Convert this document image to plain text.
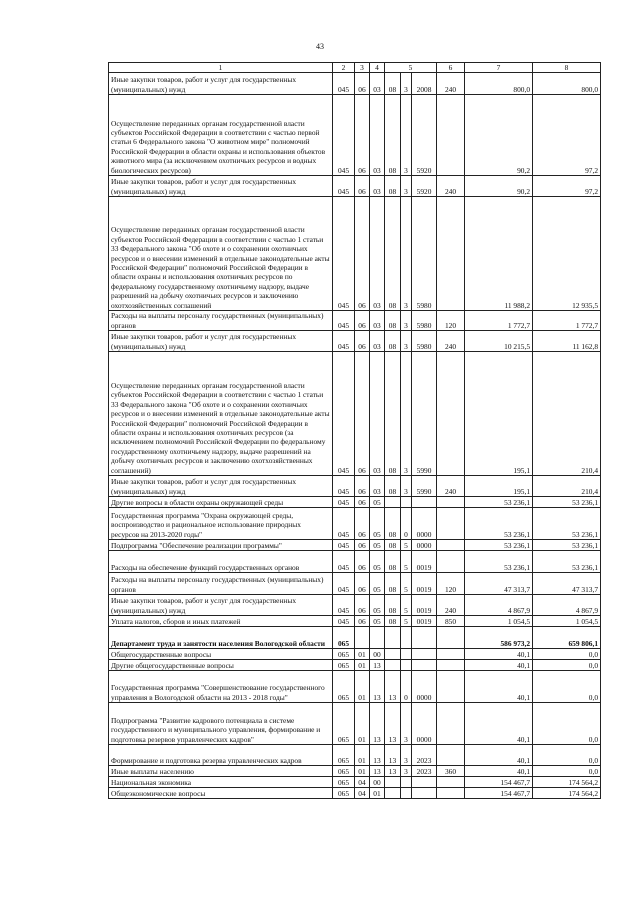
43
1	2	3	4	5			6	7	8
Иные закупки товаров, работ и услуг для государственных (муниципальных) нужд	045	06	03	08	3	2008	240	800,0	800,0
Осуществление переданных органам государственной власти субъектов Российской Федерации в соответствии с частью первой статьи 6 Федерального закона "О животном мире" полномочий Российской Федерации в области охраны и использования объектов животного мира (за исключением охотничьих ресурсов и водных биологических ресурсов)	045	06	03	08	3	5920		90,2	97,2
Иные закупки товаров, работ и услуг для государственных (муниципальных) нужд	045	06	03	08	3	5920	240	90,2	97,2
Осуществление переданных органам государственной власти субъектов Российской Федерации в соответствии с частью 1 статьи 33 Федерального закона "Об охоте и о сохранении охотничьих ресурсов и о внесении изменений в отдельные законодательные акты Российской Федерации" полномочий Российской Федерации в области охраны и использования охотничьих ресурсов по федеральному государственному охотничьему надзору, выдаче разрешений на добычу охотничьих ресурсов и заключению охотхозяйственных соглашений	045	06	03	08	3	5980		11 988,2	12 935,5
Расходы на выплаты персоналу государственных (муниципальных) органов	045	06	03	08	3	5980	120	1 772,7	1 772,7
Иные закупки товаров, работ и услуг для государственных (муниципальных) нужд	045	06	03	08	3	5980	240	10 215,5	11 162,8
Осуществление переданных органам государственной власти субъектов Российской Федерации в соответствии с частью 1 статьи 33 Федерального закона "Об охоте и о сохранении охотничьих ресурсов и о внесении изменений в отдельные законодательные акты Российской Федерации" полномочий Российской Федерации в области охраны и использования охотничьих ресурсов (за исключением полномочий Российской Федерации по федеральному государственному охотничьему надзору, выдаче разрешений на добычу охотничьих ресурсов и заключению охотхозяйственных соглашений)	045	06	03	08	3	5990		195,1	210,4
Иные закупки товаров, работ и услуг для государственных (муниципальных) нужд	045	06	03	08	3	5990	240	195,1	210,4
Другие вопросы в области охраны окружающей среды	045	06	05					53 236,1	53 236,1
Государственная программа "Охрана окружающей среды, воспроизводство и рациональное использование природных ресурсов на 2013-2020 годы"	045	06	05	08	0	0000		53 236,1	53 236,1
Подпрограмма "Обеспечение реализации программы"	045	06	05	08	5	0000		53 236,1	53 236,1
Расходы на обеспечение функций государственных органов	045	06	05	08	5	0019		53 236,1	53 236,1
Расходы на выплаты персоналу государственных (муниципальных) органов	045	06	05	08	5	0019	120	47 313,7	47 313,7
Иные закупки товаров, работ и услуг для государственных (муниципальных) нужд	045	06	05	08	5	0019	240	4 867,9	4 867,9
Уплата налогов, сборов и иных платежей	045	06	05	08	5	0019	850	1 054,5	1 054,5
Департамент труда и занятости населения Вологодской области	065							586 973,2	659 806,1
Общегосударственные вопросы	065	01	00					40,1	0,0
Другие общегосударственные вопросы	065	01	13					40,1	0,0
Государственная программа "Совершенствование государственного управления в Вологодской области на 2013 - 2018 годы"	065	01	13	13	0	0000		40,1	0,0
Подпрограмма "Развитие кадрового потенциала в системе государственного и муниципального управления, формирование и подготовка резервов управленческих кадров"	065	01	13	13	3	0000		40,1	0,0
Формирование и подготовка резерва управленческих кадров	065	01	13	13	3	2023		40,1	0,0
Иные выплаты населению	065	01	13	13	3	2023	360	40,1	0,0
Национальная экономика	065	04	00					154 467,7	174 564,2
Общеэкономические вопросы	065	04	01					154 467,7	174 564,2
